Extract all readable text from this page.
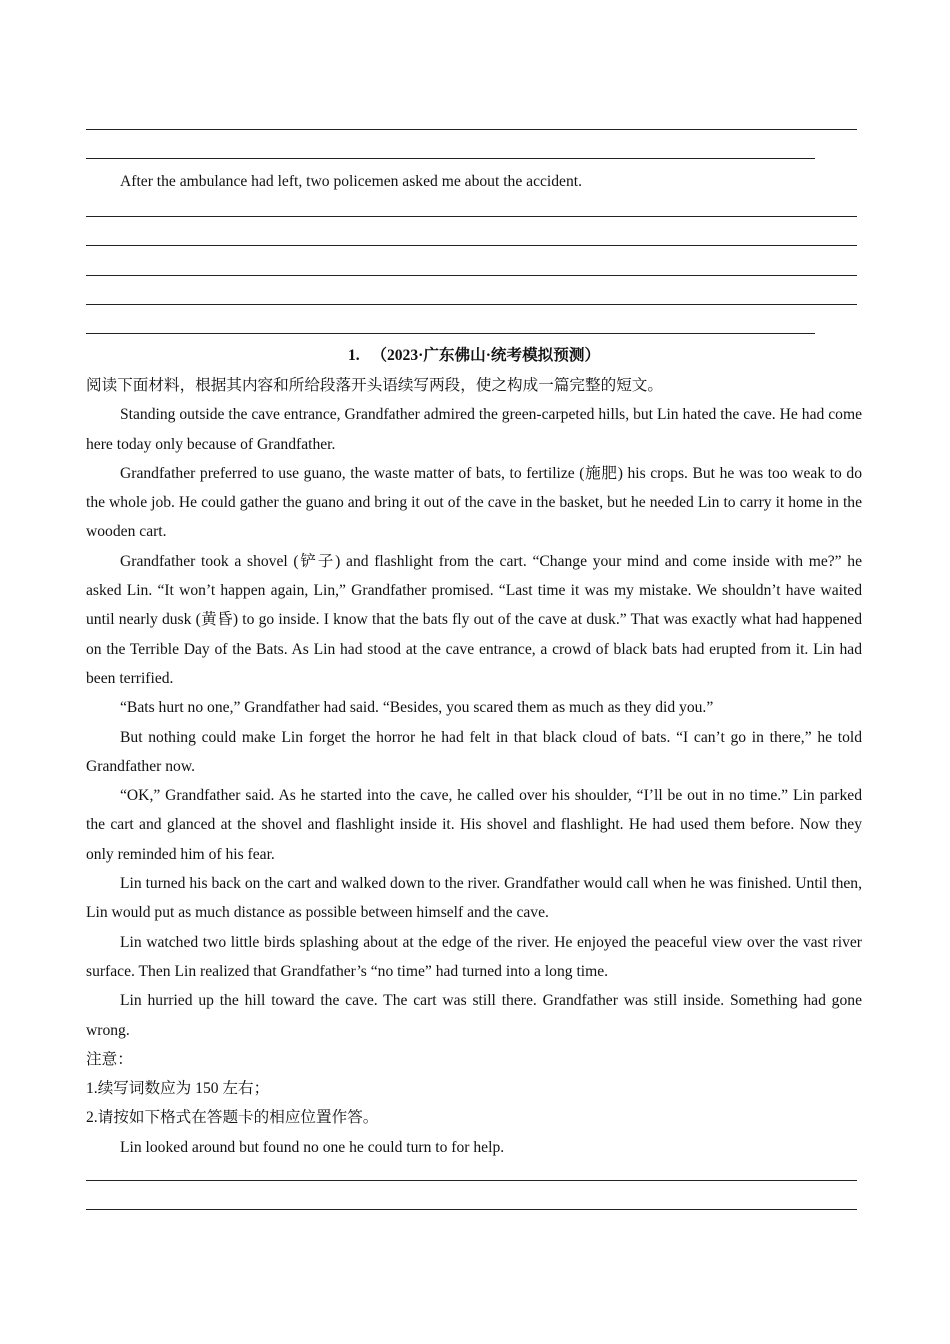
After the ambulance had left, two policemen asked me about the accident.

1. （2023·广东佛山·统考模拟预测）

阅读下面材料，根据其内容和所给段落开头语续写两段，使之构成一篇完整的短文。

Standing outside the cave entrance, Grandfather admired the green-carpeted hills, but Lin hated the cave. He had come here today only because of Grandfather.

Grandfather preferred to use guano, the waste matter of bats, to fertilize (施肥) his crops. But he was too weak to do the whole job. He could gather the guano and bring it out of the cave in the basket, but he needed Lin to carry it home in the wooden cart.

Grandfather took a shovel (铲子) and flashlight from the cart. “Change your mind and come inside with me?” he asked Lin. “It won’t happen again, Lin,” Grandfather promised. “Last time it was my mistake. We shouldn’t have waited until nearly dusk (黄昏) to go inside. I know that the bats fly out of the cave at dusk.” That was exactly what had happened on the Terrible Day of the Bats. As Lin had stood at the cave entrance, a crowd of black bats had erupted from it. Lin had been terrified.

“Bats hurt no one,” Grandfather had said. “Besides, you scared them as much as they did you.”

But nothing could make Lin forget the horror he had felt in that black cloud of bats. “I can’t go in there,” he told Grandfather now.

“OK,” Grandfather said. As he started into the cave, he called over his shoulder, “I’ll be out in no time.” Lin parked the cart and glanced at the shovel and flashlight inside it. His shovel and flashlight. He had used them before. Now they only reminded him of his fear.

Lin turned his back on the cart and walked down to the river. Grandfather would call when he was finished. Until then, Lin would put as much distance as possible between himself and the cave.

Lin watched two little birds splashing about at the edge of the river. He enjoyed the peaceful view over the vast river surface. Then Lin realized that Grandfather’s “no time” had turned into a long time.

Lin hurried up the hill toward the cave. The cart was still there. Grandfather was still inside. Something had gone wrong.

注意：

1.续写词数应为 150 左右；

2.请按如下格式在答题卡的相应位置作答。

Lin looked around but found no one he could turn to for help.
